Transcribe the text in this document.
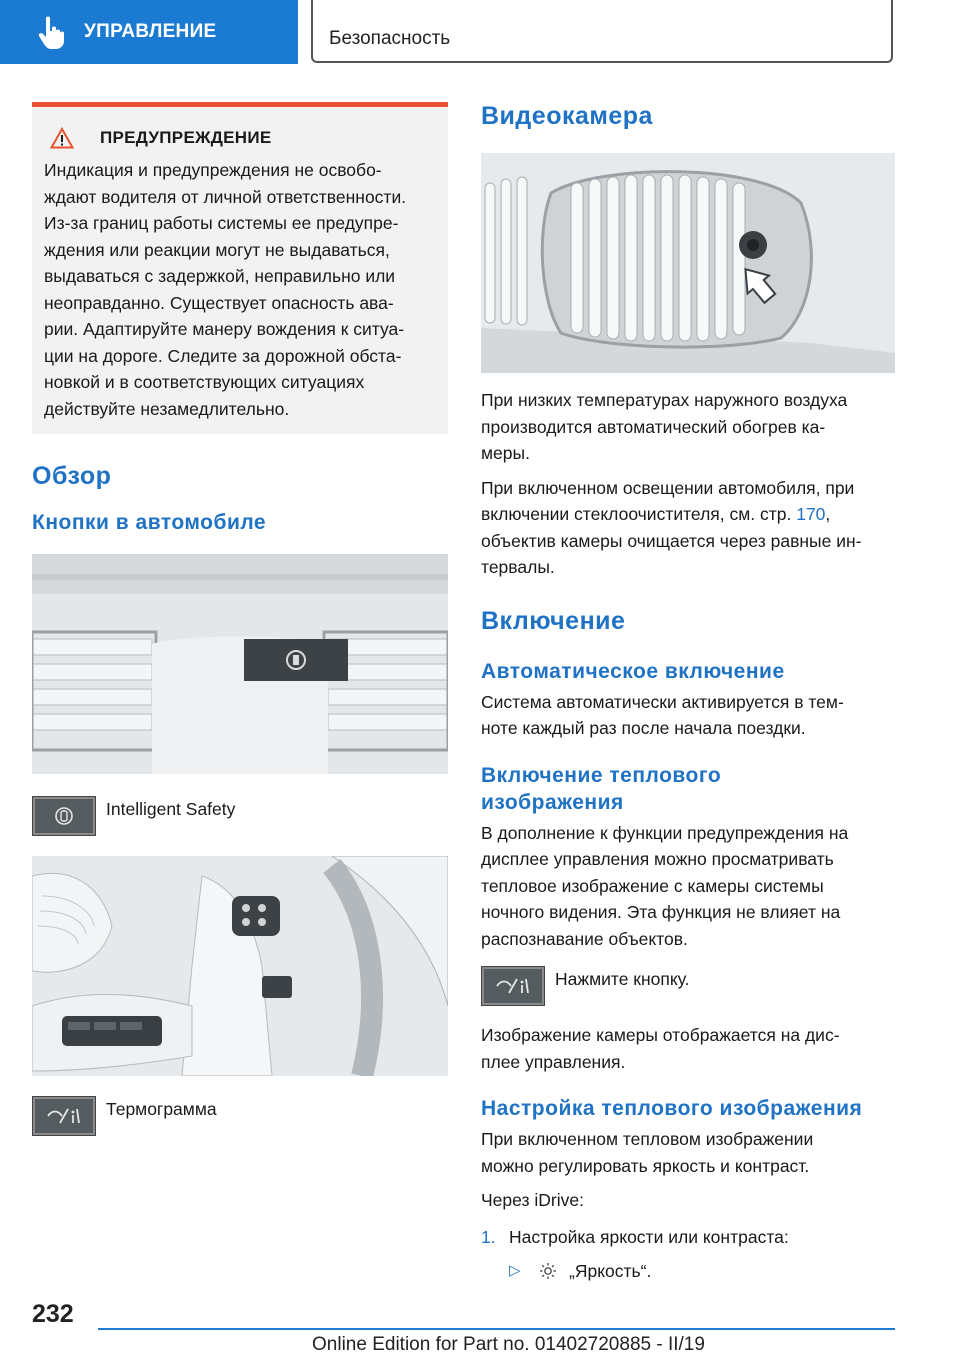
УПРАВЛЕНИЕ	Безопасность
ПРЕДУПРЕЖДЕНИЕ
Индикация и предупреждения не освобо-
ждают водителя от личной ответственности.
Из-за границ работы системы ее предупре-
ждения или реакции могут не выдаваться,
выдаваться с задержкой, неправильно или
неоправданно. Существует опасность ава-
рии. Адаптируйте манеру вождения к ситуа-
ции на дороге. Следите за дорожной обста-
новкой и в соответствующих ситуациях
действуйте незамедлительно.
Обзор
Кнопки в автомобиле
Intelligent Safety
Термограмма
Видеокамера

При низких температурах наружного воздуха
производится автоматический обогрев ка-
меры.

При включенном освещении автомобиля, при
включении стеклоочистителя, см. стр. 170,
объектив камеры очищается через равные ин-
тервалы.

Включение
Автоматическое включение

Система автоматически активируется в тем-
ноте каждый раз после начала поездки.

Включение теплового
изображения

В дополнение к функции предупреждения на
дисплее управления можно просматривать
тепловое изображение с камеры системы
ночного видения. Эта функция не влияет на
распознавание объектов.

Нажмите кнопку.

Изображение камеры отображается на дис-
плее управления.

Настройка теплового изображения

При включенном тепловом изображении
можно регулировать яркость и контраст.

Через iDrive:

1. Настройка яркости или контраста:
▷	„Яркость“.
232
Online Edition for Part no. 01402720885 - II/19
